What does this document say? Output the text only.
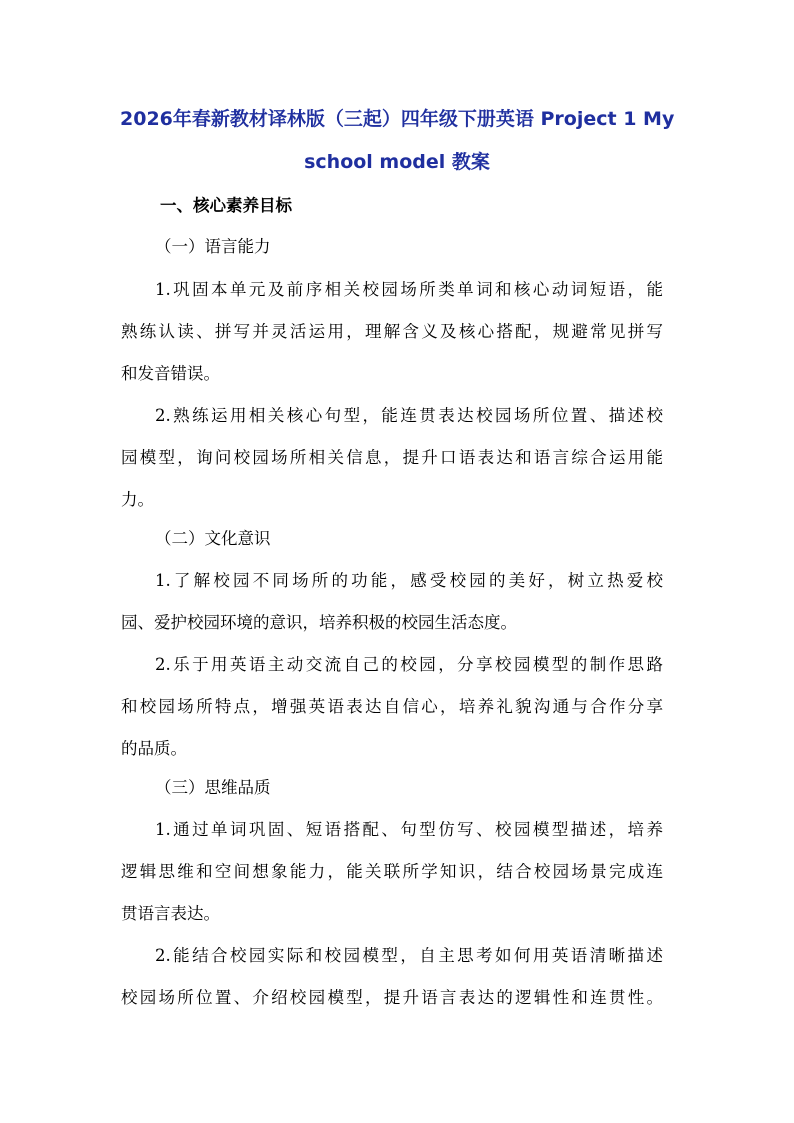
2026年春新教材译林版（三起）四年级下册英语 Project 1 My
school model 教案
一、核心素养目标
（一）语言能力
1.巩固本单元及前序相关校园场所类单词和核心动词短语，能
熟练认读、拼写并灵活运用，理解含义及核心搭配，规避常见拼写
和发音错误。
2.熟练运用相关核心句型，能连贯表达校园场所位置、描述校
园模型，询问校园场所相关信息，提升口语表达和语言综合运用能
力。
（二）文化意识
1.了解校园不同场所的功能，感受校园的美好，树立热爱校
园、爱护校园环境的意识，培养积极的校园生活态度。
2.乐于用英语主动交流自己的校园，分享校园模型的制作思路
和校园场所特点，增强英语表达自信心，培养礼貌沟通与合作分享
的品质。
（三）思维品质
1.通过单词巩固、短语搭配、句型仿写、校园模型描述，培养
逻辑思维和空间想象能力，能关联所学知识，结合校园场景完成连
贯语言表达。
2.能结合校园实际和校园模型，自主思考如何用英语清晰描述
校园场所位置、介绍校园模型，提升语言表达的逻辑性和连贯性。
